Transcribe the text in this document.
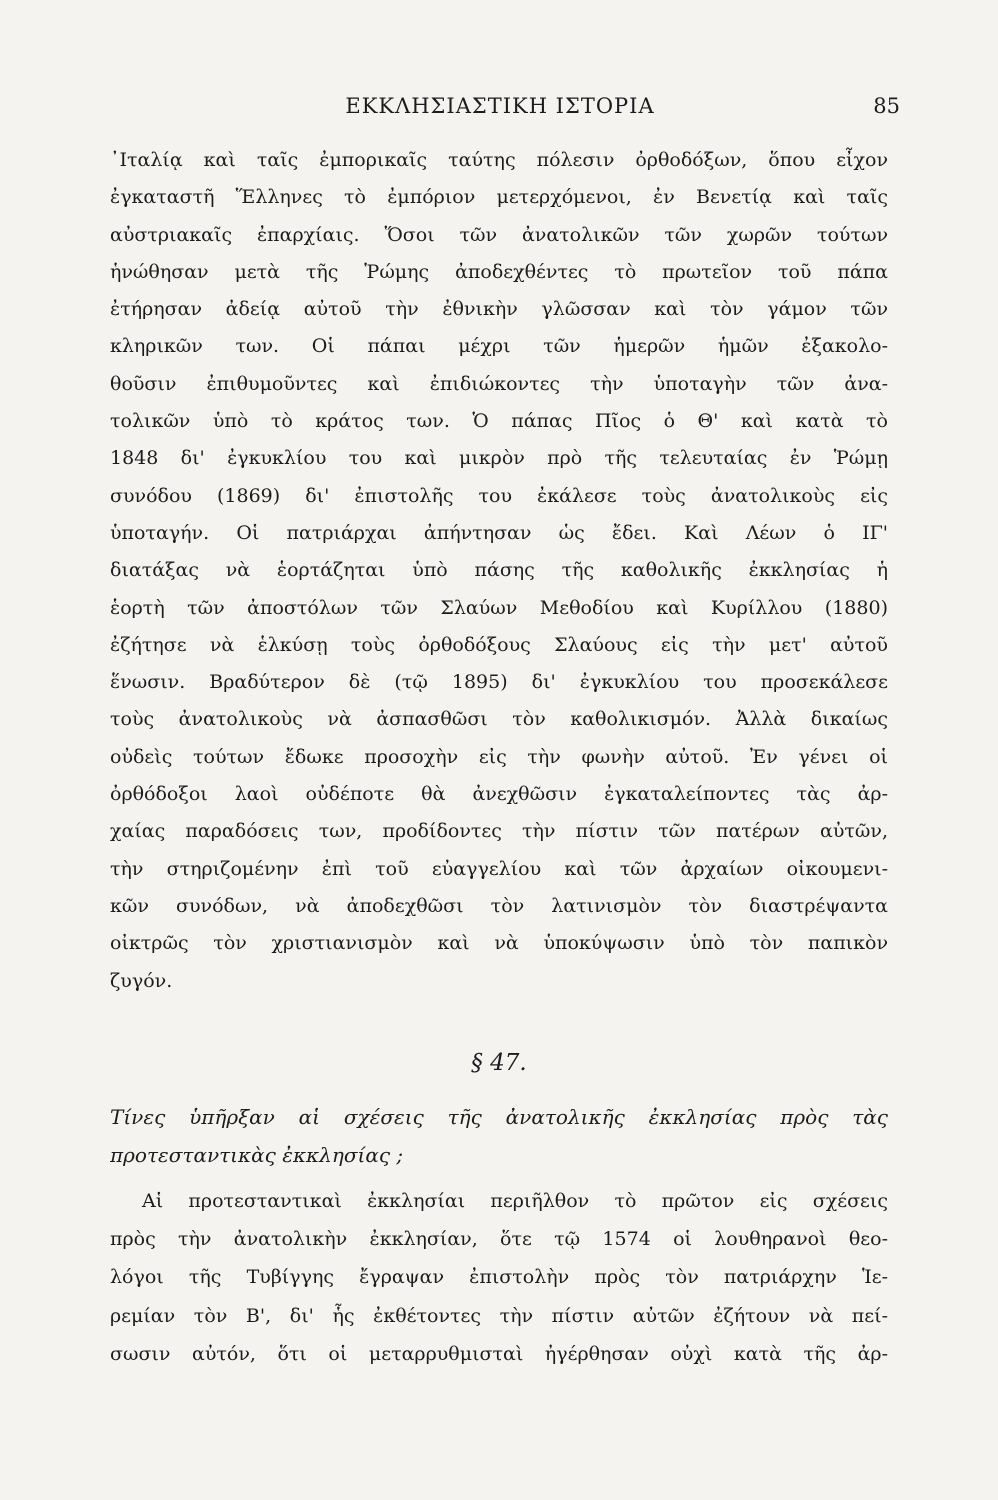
ΕΚΚΛΗΣΙΑΣΤΙΚΗ ΙΣΤΟΡΙΑ	85
᾿Ιταλίᾳ καὶ ταῖς ἐμπορικαῖς ταύτης πόλεσιν ὀρθοδόξων, ὅπου εἶχον
ἐγκαταστῆ Ἕλληνες τὸ ἐμπόριον μετερχόμενοι, ἐν Βενετίᾳ καὶ ταῖς
αὐστριακαῖς ἐπαρχίαις. Ὅσοι τῶν ἀνατολικῶν τῶν χωρῶν τούτων
ἡνώθησαν μετὰ τῆς Ῥώμης ἀποδεχθέντες τὸ πρωτεῖον τοῦ πάπα
ἐτήρησαν ἀδείᾳ αὐτοῦ τὴν ἐθνικὴν γλῶσσαν καὶ τὸν γάμον τῶν
κληρικῶν των. Οἱ πάπαι μέχρι τῶν ἡμερῶν ἡμῶν ἐξακολο-
θοῦσιν ἐπιθυμοῦντες καὶ ἐπιδιώκοντες τὴν ὑποταγὴν τῶν ἀνα-
τολικῶν ὑπὸ τὸ κράτος των. Ὁ πάπας Πῖος ὁ Θ' καὶ κατὰ τὸ
1848 δι' ἐγκυκλίου του καὶ μικρὸν πρὸ τῆς τελευταίας ἐν Ῥώμῃ
συνόδου (1869) δι' ἐπιστολῆς του ἐκάλεσε τοὺς ἀνατολικοὺς εἰς
ὑποταγήν. Οἱ πατριάρχαι ἀπήντησαν ὡς ἔδει. Καὶ Λέων ὁ ΙΓ'
διατάξας νὰ ἑορτάζηται ὑπὸ πάσης τῆς καθολικῆς ἐκκλησίας ἡ
ἑορτὴ τῶν ἀποστόλων τῶν Σλαύων Μεθοδίου καὶ Κυρίλλου (1880)
ἐζήτησε νὰ ἑλκύσῃ τοὺς ὀρθοδόξους Σλαύους εἰς τὴν μετ' αὐτοῦ
ἕνωσιν. Βραδύτερον δὲ (τῷ 1895) δι' ἐγκυκλίου του προσεκάλεσε
τοὺς ἀνατολικοὺς νὰ ἀσπασθῶσι τὸν καθολικισμόν. Ἀλλὰ δικαίως
οὐδεὶς τούτων ἔδωκε προσοχὴν εἰς τὴν φωνὴν αὐτοῦ. Ἐν γένει οἱ
ὀρθόδοξοι λαοὶ οὐδέποτε θὰ ἀνεχθῶσιν ἐγκαταλείποντες τὰς ἀρ-
χαίας παραδόσεις των, προδίδοντες τὴν πίστιν τῶν πατέρων αὐτῶν,
τὴν στηριζομένην ἐπὶ τοῦ εὐαγγελίου καὶ τῶν ἀρχαίων οἰκουμενι-
κῶν συνόδων, νὰ ἀποδεχθῶσι τὸν λατινισμὸν τὸν διαστρέψαντα
οἰκτρῶς τὸν χριστιανισμὸν καὶ νὰ ὑποκύψωσιν ὑπὸ τὸν παπικὸν
ζυγόν.
§ 47.
Τίνες ὑπῆρξαν αἱ σχέσεις τῆς ἀνατολικῆς ἐκκλησίας πρὸς τὰς
προτεσταντικὰς ἐκκλησίας ;
Αἱ προτεσταντικαὶ ἐκκλησίαι περιῆλθον τὸ πρῶτον εἰς σχέσεις
πρὸς τὴν ἀνατολικὴν ἐκκλησίαν, ὅτε τῷ 1574 οἱ λουθηρανοὶ θεο-
λόγοι τῆς Τυβίγγης ἔγραψαν ἐπιστολὴν πρὸς τὸν πατριάρχην Ἱε-
ρεμίαν τὸν Β', δι' ἧς ἐκθέτοντες τὴν πίστιν αὐτῶν ἐζήτουν νὰ πεί-
σωσιν αὐτόν, ὅτι οἱ μεταρρυθμισταὶ ἠγέρθησαν οὐχὶ κατὰ τῆς ἀρ-
